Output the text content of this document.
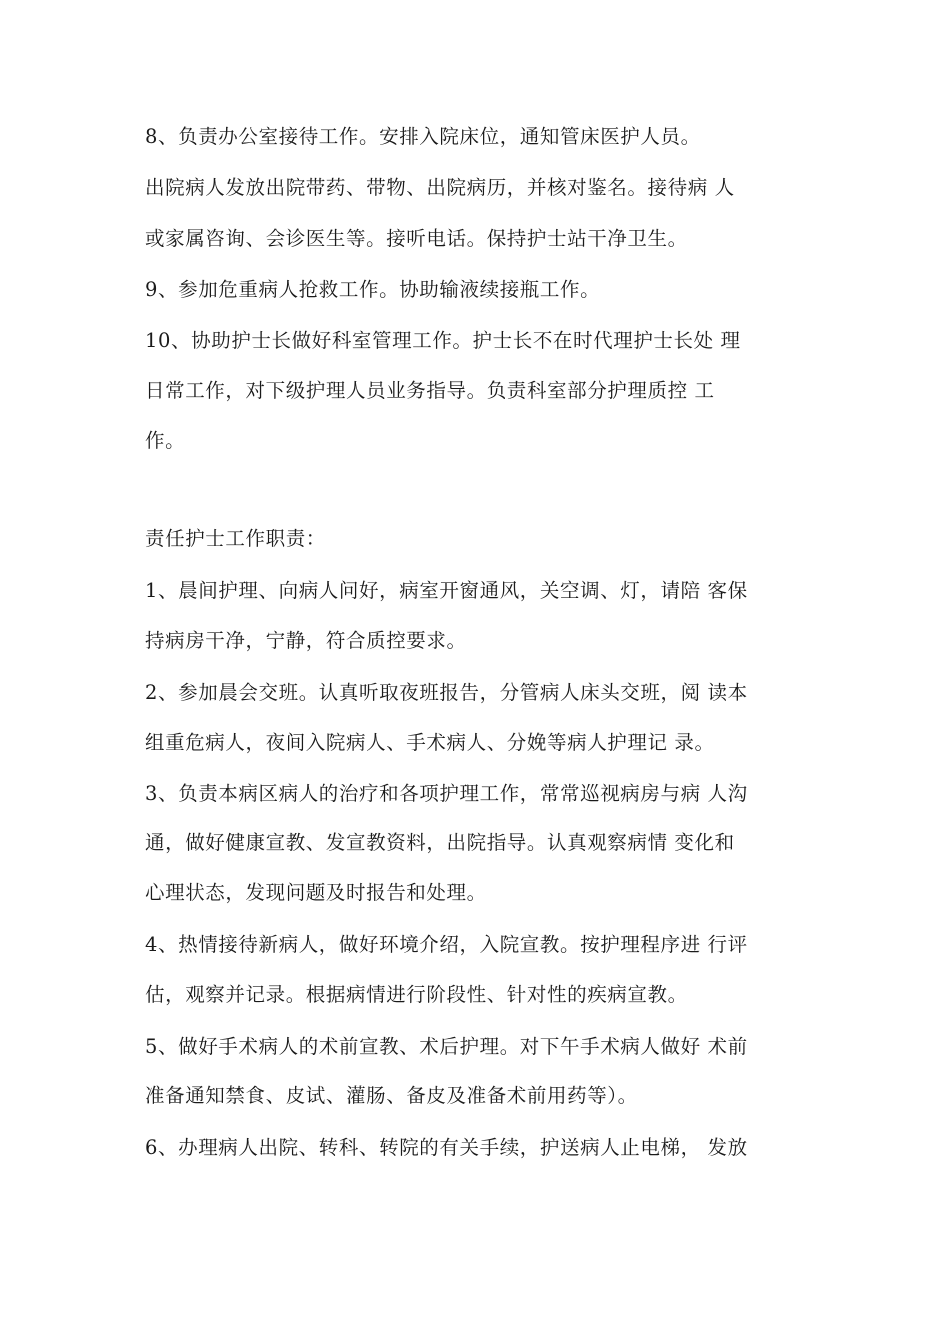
8、负责办公室接待工作。安排入院床位，通知管床医护人员。
出院病人发放出院带药、带物、出院病历，并核对鉴名。接待病 人
或家属咨询、会诊医生等。接听电话。保持护士站干净卫生。
9、参加危重病人抢救工作。协助输液续接瓶工作。
10、协助护士长做好科室管理工作。护士长不在时代理护士长处 理
日常工作，对下级护理人员业务指导。负责科室部分护理质控 工
作。
责任护士工作职责：
1、晨间护理、向病人问好，病室开窗通风，关空调、灯，请陪 客保
持病房干净，宁静，符合质控要求。
2、参加晨会交班。认真听取夜班报告，分管病人床头交班，阅 读本
组重危病人，夜间入院病人、手术病人、分娩等病人护理记 录。
3、负责本病区病人的治疗和各项护理工作，常常巡视病房与病 人沟
通，做好健康宣教、发宣教资料，出院指导。认真观察病情 变化和
心理状态，发现问题及时报告和处理。
4、热情接待新病人，做好环境介绍，入院宣教。按护理程序进 行评
估，观察并记录。根据病情进行阶段性、针对性的疾病宣教。
5、做好手术病人的术前宣教、术后护理。对下午手术病人做好 术前
准备通知禁食、皮试、灌肠、备皮及准备术前用药等）。
6、办理病人出院、转科、转院的有关手续，护送病人止电梯， 发放
